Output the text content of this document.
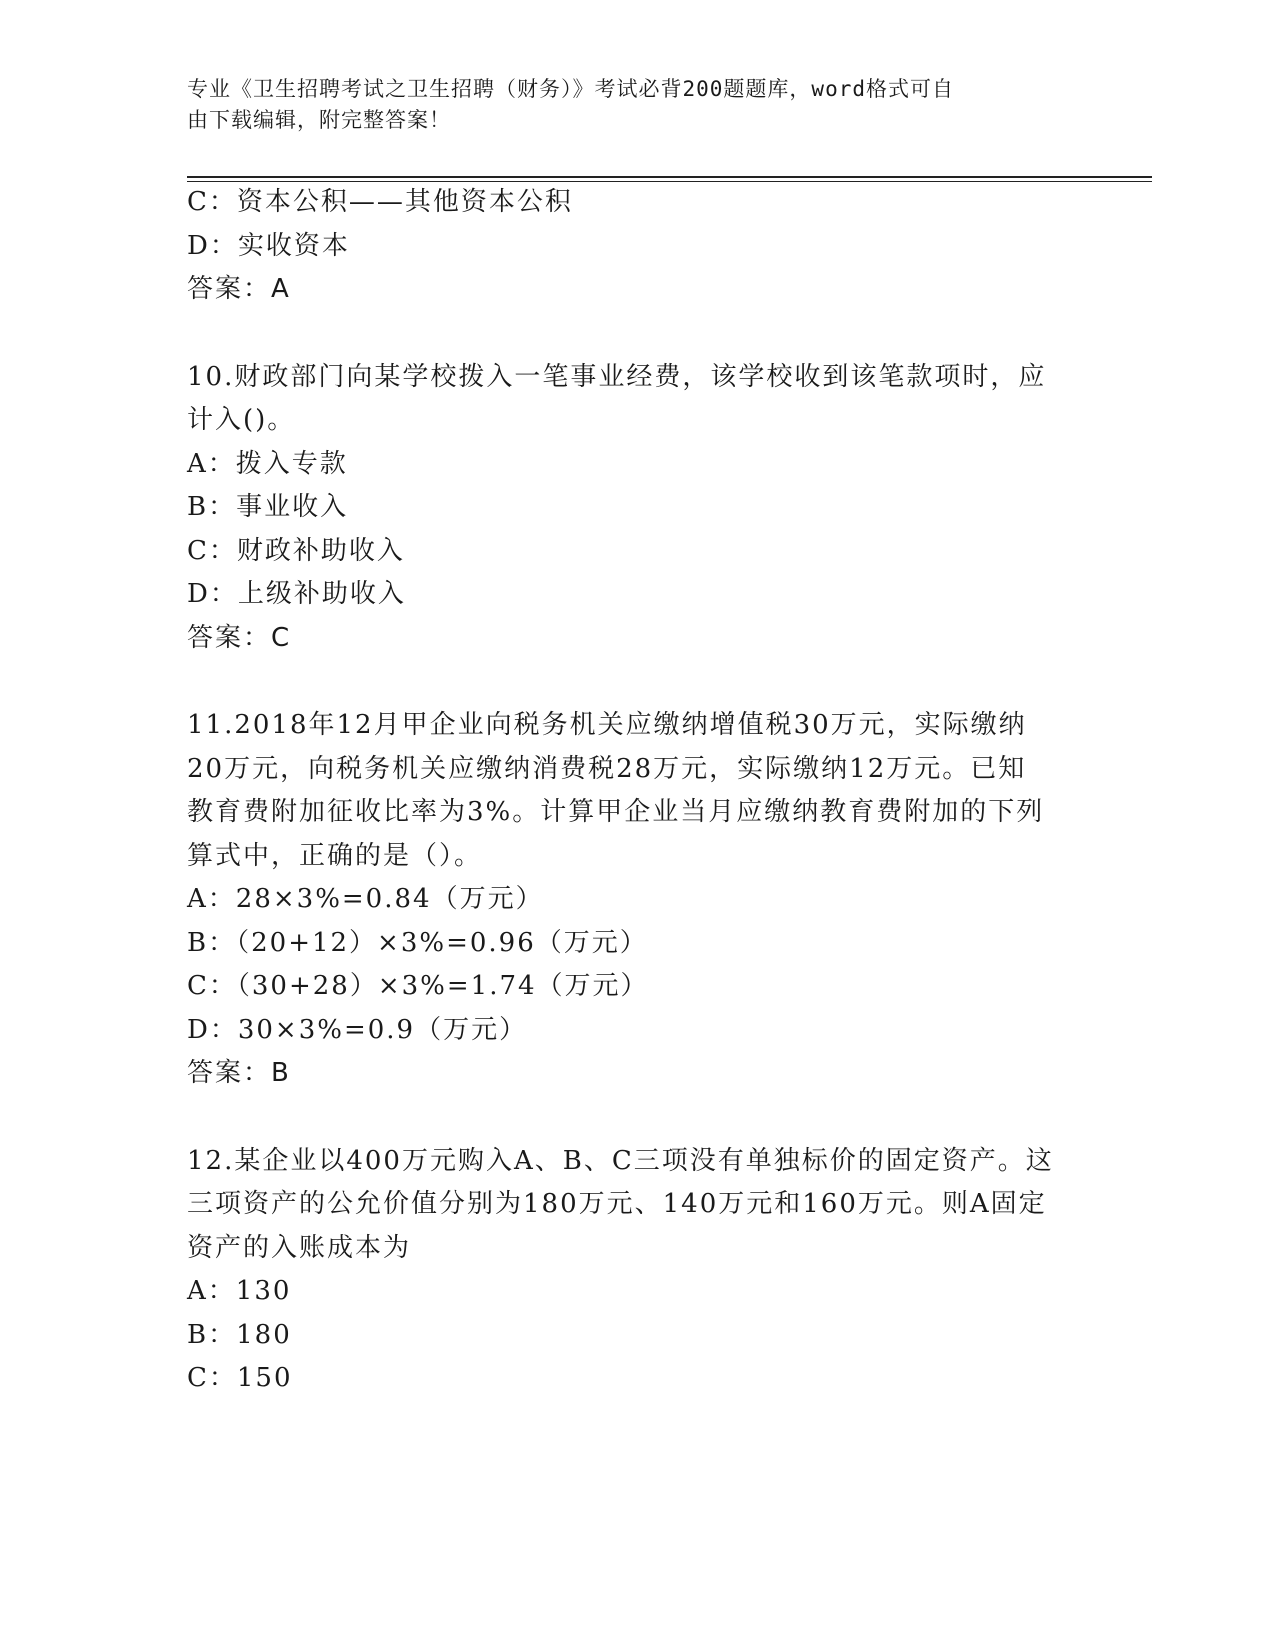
专业《卫生招聘考试之卫生招聘（财务）》考试必背200题题库，word格式可自
由下载编辑，附完整答案！
C：资本公积——其他资本公积
D：实收资本
答案：A
10.财政部门向某学校拨入一笔事业经费，该学校收到该笔款项时，应
计入()。
A：拨入专款
B：事业收入
C：财政补助收入
D：上级补助收入
答案：C
11.2018年12月甲企业向税务机关应缴纳增值税30万元，实际缴纳
20万元，向税务机关应缴纳消费税28万元，实际缴纳12万元。已知
教育费附加征收比率为3%。计算甲企业当月应缴纳教育费附加的下列
算式中，正确的是（）。
A：28×3%=0.84（万元）
B：（20+12）×3%=0.96（万元）
C：（30+28）×3%=1.74（万元）
D：30×3%=0.9（万元）
答案：B
12.某企业以400万元购入A、B、C三项没有单独标价的固定资产。这
三项资产的公允价值分别为180万元、140万元和160万元。则A固定
资产的入账成本为
A：130
B：180
C：150
